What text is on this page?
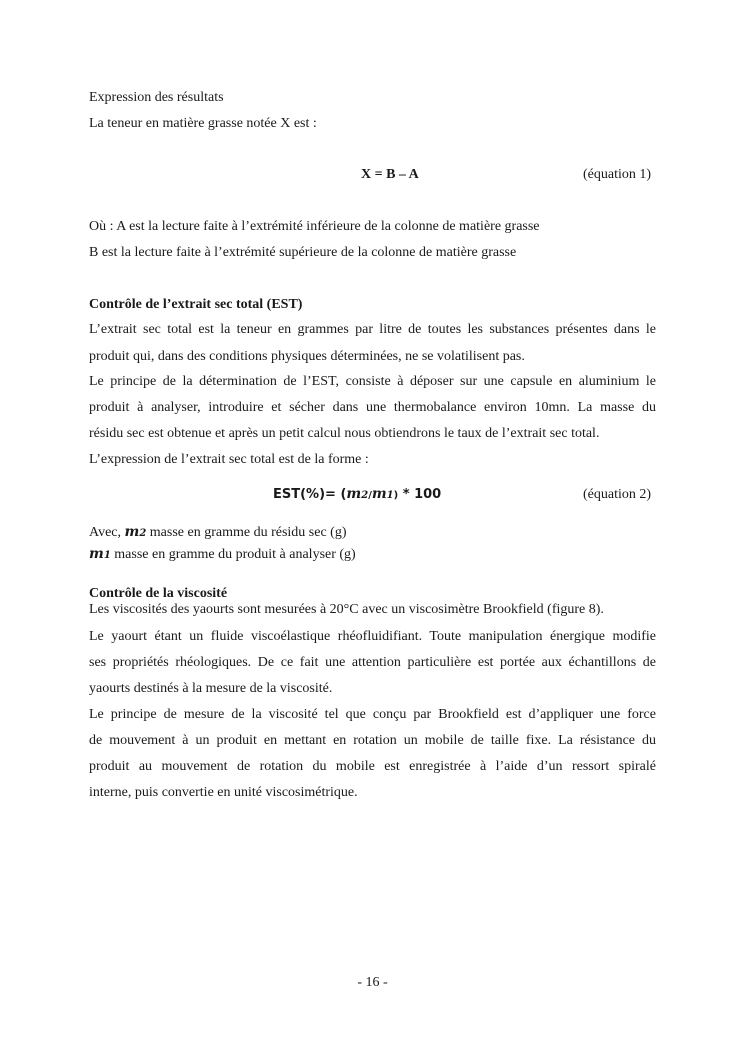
Expression des résultats
La teneur en matière grasse notée X est :
X = B – A	(équation 1)
Où : A est la lecture faite à l’extrémité inférieure de la colonne de matière grasse
B est la lecture faite à l’extrémité supérieure de la colonne de matière grasse
Contrôle de l’extrait sec total (EST)
L’extrait sec total est la teneur en grammes par litre de toutes les substances présentes dans le
produit qui, dans des conditions physiques déterminées, ne se volatilisent pas.
Le principe de la détermination de l’EST, consiste à déposer sur une capsule en aluminium le
produit à analyser, introduire et sécher dans une thermobalance environ 10mn. La masse du
résidu sec est obtenue et après un petit calcul nous obtiendrons le taux de l’extrait sec total.
L’expression de l’extrait sec total est de la forme :
EST(%)= (m2/m1) * 100	(équation 2)
Avec, m2 masse en gramme du résidu sec (g)
m1 masse en gramme du produit à analyser (g)
Contrôle de la viscosité
Les viscosités des yaourts sont mesurées à 20°C avec un viscosimètre Brookfield (figure 8).
Le yaourt étant un fluide viscoélastique rhéofluidifiant. Toute manipulation énergique modifie
ses propriétés rhéologiques. De ce fait une attention particulière est portée aux échantillons de
yaourts destinés à la mesure de la viscosité.
Le principe de mesure de la viscosité tel que conçu par Brookfield est d’appliquer une force
de mouvement à un produit en mettant en rotation un mobile de taille fixe. La résistance du
produit au mouvement de rotation du mobile est enregistrée à l’aide d’un ressort spiralé
interne, puis convertie en unité viscosimétrique.
- 16 -
